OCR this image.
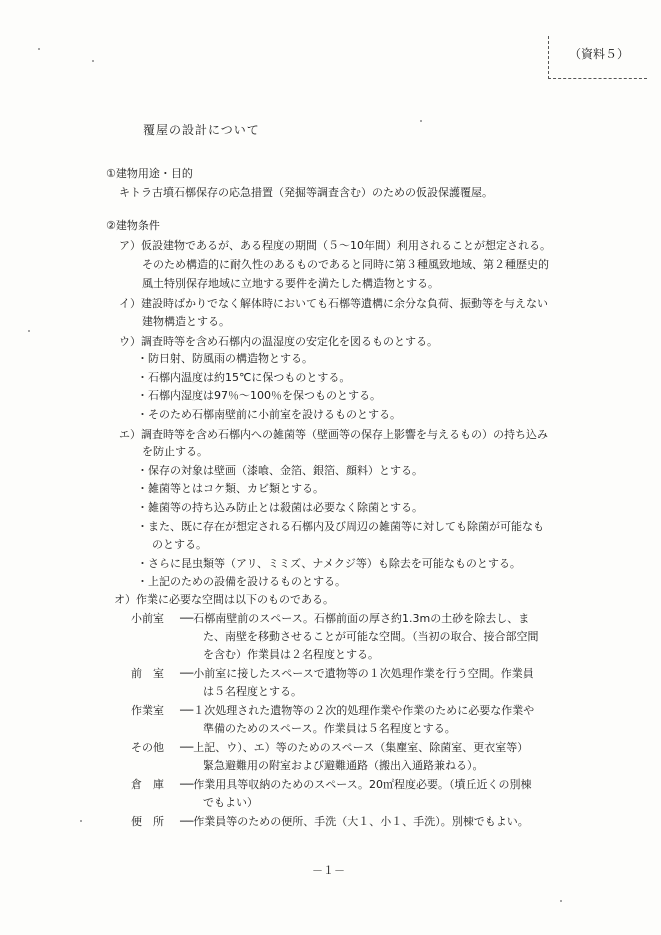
（資料５）
覆屋の設計について
①建物用途・目的
キトラ古墳石槨保存の応急措置（発掘等調査含む）のための仮設保護覆屋。
②建物条件
ア）仮設建物であるが、ある程度の期間（５～10年間）利用されることが想定される。
そのため構造的に耐久性のあるものであると同時に第３種風致地域、第２種歴史的
風土特別保存地域に立地する要件を満たした構造物とする。
イ）建設時ばかりでなく解体時においても石槨等遺構に余分な負荷、振動等を与えない
建物構造とする。
ウ）調査時等を含め石槨内の温湿度の安定化を図るものとする。
・防日射、防風雨の構造物とする。
・石槨内温度は約15℃に保つものとする。
・石槨内湿度は97％～100％を保つものとする。
・そのため石槨南壁前に小前室を設けるものとする。
エ）調査時等を含め石槨内への雑菌等（壁画等の保存上影響を与えるもの）の持ち込み
を防止する。
・保存の対象は壁画（漆喰、金箔、銀箔、顔料）とする。
・雑菌等とはコケ類、カビ類とする。
・雑菌等の持ち込み防止とは殺菌は必要なく除菌とする。
・また、既に存在が想定される石槨内及び周辺の雑菌等に対しても除菌が可能なも
のとする。
・さらに昆虫類等（アリ、ミミズ、ナメクジ等）も除去を可能なものとする。
・上記のための設備を設けるものとする。
オ）作業に必要な空間は以下のものである。
小前室	──石槨南壁前のスペース。石槨前面の厚さ約1.3mの土砂を除去し、ま
た、南壁を移動させることが可能な空間。（当初の取合、接合部空間
を含む）作業員は２名程度とする。
前　室	──小前室に接したスペースで遺物等の１次処理作業を行う空間。作業員
は５名程度とする。
作業室	──１次処理された遺物等の２次的処理作業や作業のために必要な作業や
準備のためのスペース。作業員は５名程度とする。
その他	──上記、ウ）、エ）等のためのスペース（集塵室、除菌室、更衣室等）
緊急避難用の附室および避難通路（搬出入通路兼ねる）。
倉　庫	──作業用具等収納のためのスペース。20㎡程度必要。（墳丘近くの別棟
でもよい）
便　所	──作業員等のための便所、手洗（大１、小１、手洗）。別棟でもよい。
－１－
